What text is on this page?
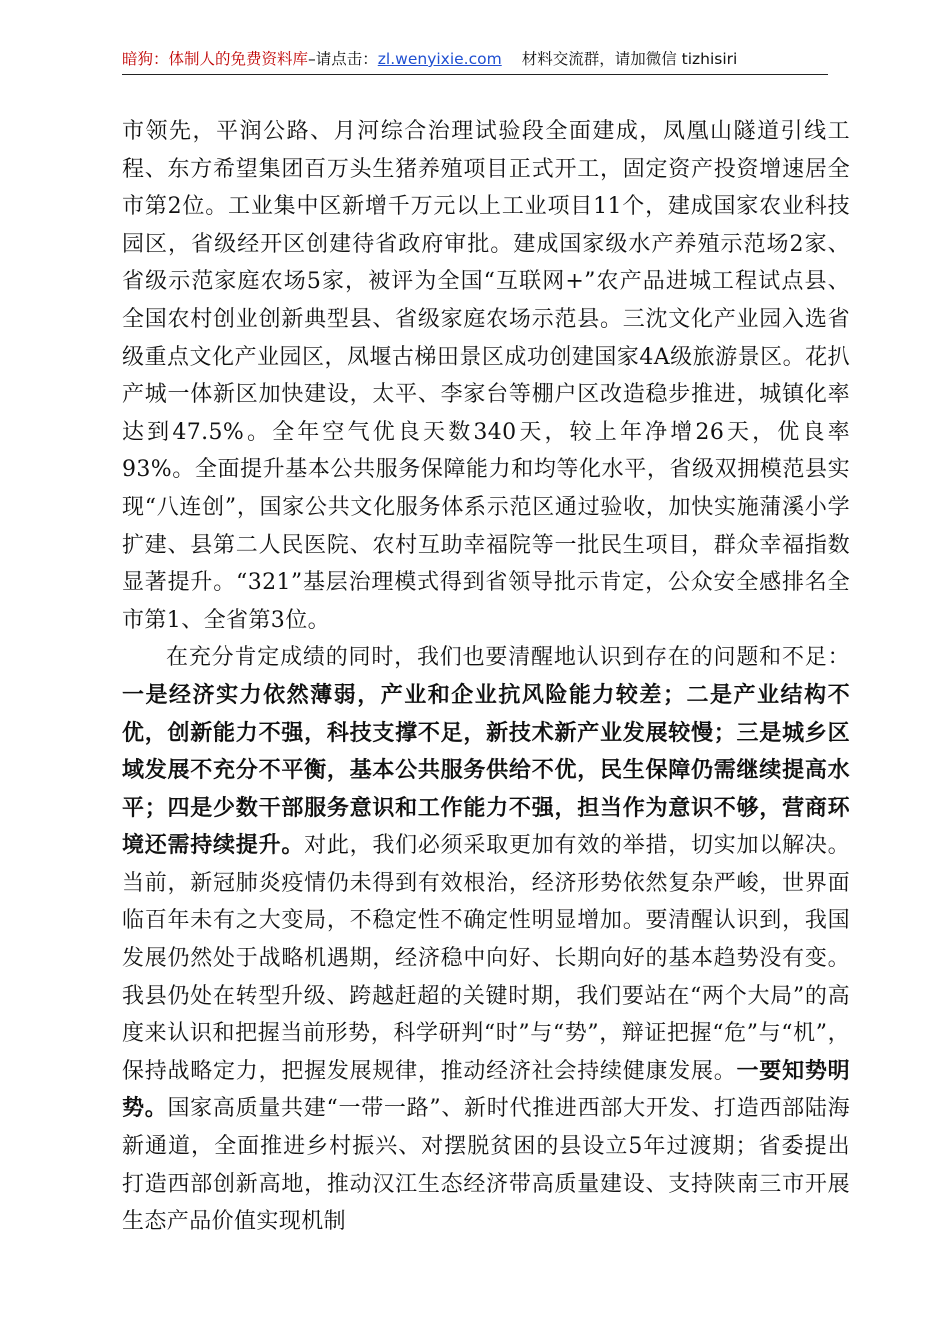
暗狗：体制人的免费资料库–请点击：zl.wenyixie.com 材料交流群，请加微信 tizhisiri

市领先，平润公路、月河综合治理试验段全面建成，凤凰山隧道引线工程、东方希望集团百万头生猪养殖项目正式开工，固定资产投资增速居全市第2位。工业集中区新增千万元以上工业项目11个，建成国家农业科技园区，省级经开区创建待省政府审批。建成国家级水产养殖示范场2家、省级示范家庭农场5家，被评为全国“互联网+”农产品进城工程试点县、全国农村创业创新典型县、省级家庭农场示范县。三沈文化产业园入选省级重点文化产业园区，凤堰古梯田景区成功创建国家4A级旅游景区。花扒产城一体新区加快建设，太平、李家台等棚户区改造稳步推进，城镇化率达到47.5%。全年空气优良天数340天，较上年净增26天，优良率93%。全面提升基本公共服务保障能力和均等化水平，省级双拥模范县实现“八连创”，国家公共文化服务体系示范区通过验收，加快实施蒲溪小学扩建、县第二人民医院、农村互助幸福院等一批民生项目，群众幸福指数显著提升。“321”基层治理模式得到省领导批示肯定，公众安全感排名全市第1、全省第3位。

在充分肯定成绩的同时，我们也要清醒地认识到存在的问题和不足：一是经济实力依然薄弱，产业和企业抗风险能力较差；二是产业结构不优，创新能力不强，科技支撑不足，新技术新产业发展较慢；三是城乡区域发展不充分不平衡，基本公共服务供给不优，民生保障仍需继续提高水平；四是少数干部服务意识和工作能力不强，担当作为意识不够，营商环境还需持续提升。对此，我们必须采取更加有效的举措，切实加以解决。当前，新冠肺炎疫情仍未得到有效根治，经济形势依然复杂严峻，世界面临百年未有之大变局，不稳定性不确定性明显增加。要清醒认识到，我国发展仍然处于战略机遇期，经济稳中向好、长期向好的基本趋势没有变。我县仍处在转型升级、跨越赶超的关键时期，我们要站在“两个大局”的高度来认识和把握当前形势，科学研判“时”与“势”，辩证把握“危”与“机”，保持战略定力，把握发展规律，推动经济社会持续健康发展。一要知势明势。国家高质量共建“一带一路”、新时代推进西部大开发、打造西部陆海新通道，全面推进乡村振兴、对摆脱贫困的县设立5年过渡期；省委提出打造西部创新高地，推动汉江生态经济带高质量建设、支持陕南三市开展生态产品价值实现机制
